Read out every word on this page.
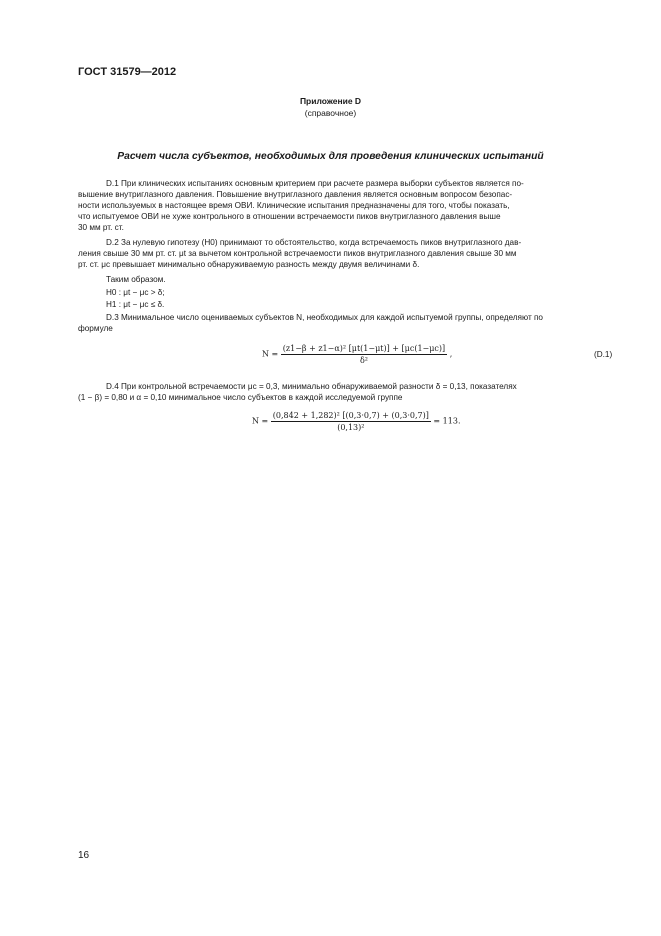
ГОСТ 31579—2012
Приложение D
(справочное)
Расчет числа субъектов, необходимых для проведения клинических испытаний
D.1 При клинических испытаниях основным критерием при расчете размера выборки субъектов является по-
вышение внутриглазного давления. Повышение внутриглазного давления является основным вопросом безопас-
ности используемых в настоящее время ОВИ. Клинические испытания предназначены для того, чтобы показать,
что испытуемое ОВИ не хуже контрольного в отношении встречаемости пиков внутриглазного давления выше
30 мм рт. ст.
D.2 За нулевую гипотезу (H0) принимают то обстоятельство, когда встречаемость пиков внутриглазного дав-
ления свыше 30 мм рт. ст. μt за вычетом контрольной встречаемости пиков внутриглазного давления свыше 30 мм
рт. ст. μc превышает минимально обнаруживаемую разность между двумя величинами δ.
Таким образом.
H0 : μt − μc > δ;
H1 : μt − μc ≤ δ.
D.3 Минимальное число оцениваемых субъектов N, необходимых для каждой испытуемой группы, определяют по
формуле
$N = \frac{\text{(z1−β + z1−α)² [μt(1−μt)] + [μc(1−μc)]}}{\text{δ²}}$ ,	(D.1)
D.4 При контрольной встречаемости μc = 0,3, минимально обнаруживаемой разности δ = 0,13, показателях
(1 − β) = 0,80 и α = 0,10 минимальное число субъектов в каждой исследуемой группе
$N = \frac{\text{(0,842 + 1,282)² [(0,3·0,7) + (0,3·0,7)]}}{\text{(0,13)²}} = 113$.
16
